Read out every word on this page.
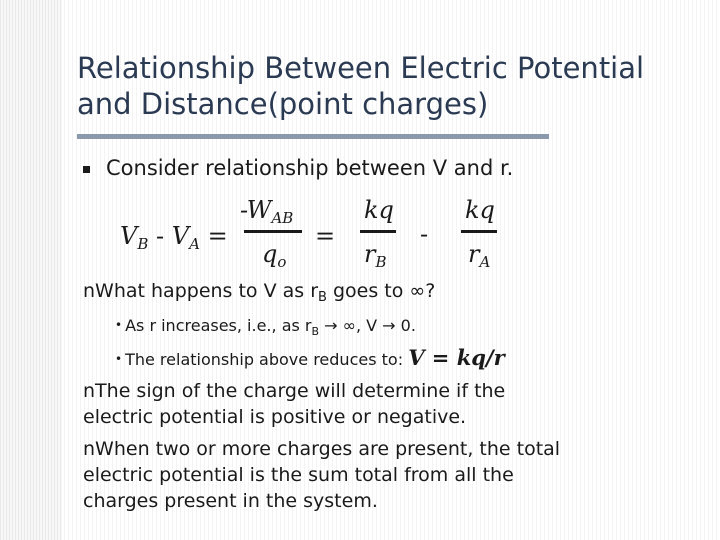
Relationship Between Electric Potential
and Distance(point charges)
Consider relationship between V and r.
$V_B - V_A$ =
$-W_{AB}$
$q_o$
=
kq
$r_B$
-
kq
$r_A$
nWhat happens to V as $r_B$ goes to ∞?
• As r increases, i.e., as $r_B$ → ∞, V → 0.
• The relationship above reduces to: V = kq/r
nThe sign of the charge will determine if the
electric potential is positive or negative.
nWhen two or more charges are present, the total
electric potential is the sum total from all the
charges present in the system.
